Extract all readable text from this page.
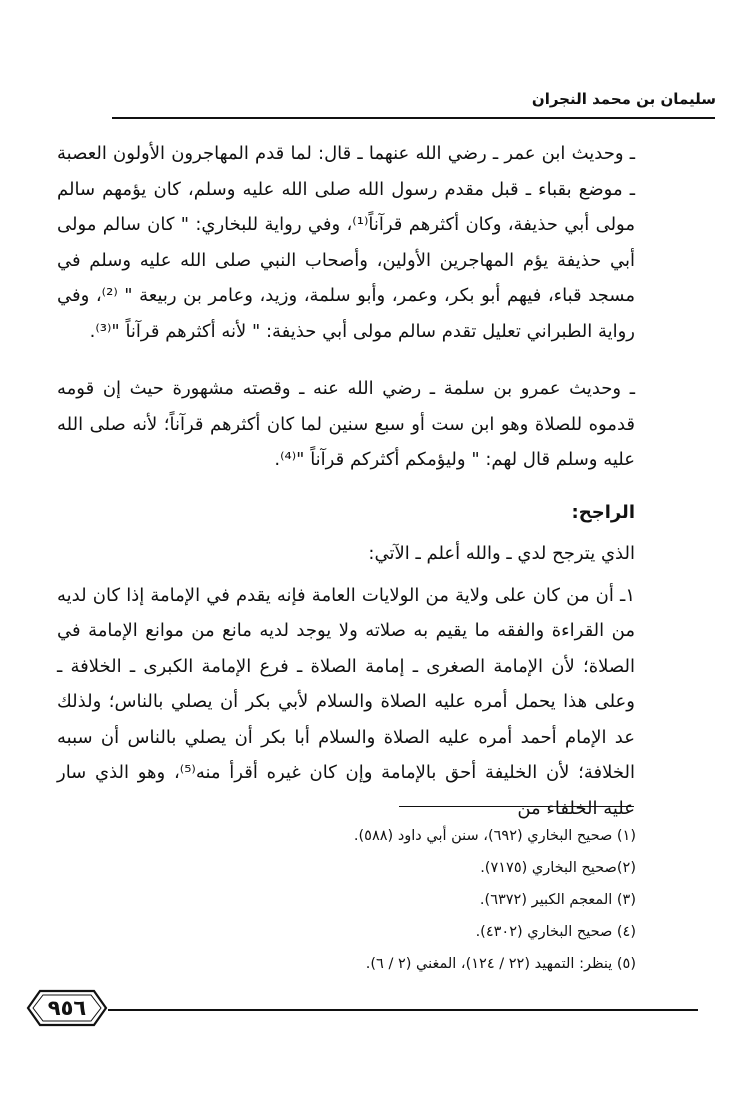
سليمان بن محمد النجران

ـ وحديث ابن عمر ـ رضي الله عنهما ـ قال: لما قدم المهاجرون الأولون العصبة ـ موضع بقباء ـ قبل مقدم رسول الله صلى الله عليه وسلم، كان يؤمهم سالم مولى أبي حذيفة، وكان أكثرهم قرآناً⁽¹⁾، وفي رواية للبخاري: " كان سالم مولى أبي حذيفة يؤم المهاجرين الأولين، وأصحاب النبي صلى الله عليه وسلم في مسجد قباء، فيهم أبو بكر، وعمر، وأبو سلمة، وزيد، وعامر بن ربيعة " ⁽²⁾، وفي رواية الطبراني تعليل تقدم سالم مولى أبي حذيفة: " لأنه أكثرهم قرآناً "⁽³⁾.

ـ وحديث عمرو بن سلمة ـ رضي الله عنه ـ وقصته مشهورة حيث إن قومه قدموه للصلاة وهو ابن ست أو سبع سنين لما كان أكثرهم قرآناً؛ لأنه صلى الله عليه وسلم قال لهم: " وليؤمكم أكثركم قرآناً "⁽⁴⁾.

الراجح:

الذي يترجح لدي ـ والله أعلم ـ الآتي:

١ـ أن من كان على ولاية من الولايات العامة فإنه يقدم في الإمامة إذا كان لديه من القراءة والفقه ما يقيم به صلاته ولا يوجد لديه مانع من موانع الإمامة في الصلاة؛ لأن الإمامة الصغرى ـ إمامة الصلاة ـ فرع الإمامة الكبرى ـ الخلافة ـ وعلى هذا يحمل أمره عليه الصلاة والسلام لأبي بكر أن يصلي بالناس؛ ولذلك عد الإمام أحمد أمره عليه الصلاة والسلام أبا بكر أن يصلي بالناس أن سببه الخلافة؛ لأن الخليفة أحق بالإمامة وإن كان غيره أقرأ منه⁽⁵⁾، وهو الذي سار عليه الخلفاء من

(١) صحيح البخاري (٦٩٢)، سنن أبي داود (٥٨٨).
(٢)صحيح البخاري (٧١٧٥).
(٣) المعجم الكبير (٦٣٧٢).
(٤) صحيح البخاري (٤٣٠٢).
(٥) ينظر: التمهيد (٢٢ / ١٢٤)، المغني (٢ / ٦).
٩٥٦
